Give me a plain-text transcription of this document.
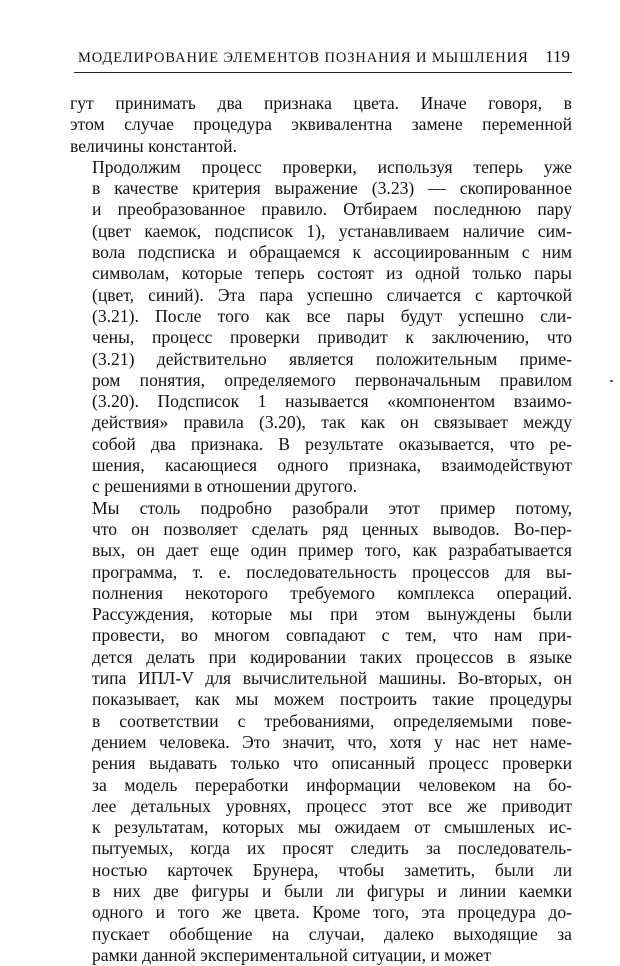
МОДЕЛИРОВАНИЕ ЭЛЕМЕНТОВ ПОЗНАНИЯ И МЫШЛЕНИЯ 119

гут принимать два признака цвета. Иначе говоря, в
этом случае процедура эквивалентна замене переменной
величины константой.

Продолжим процесс проверки, используя теперь уже
в качестве критерия выражение (3.23) — скопированное
и преобразованное правило. Отбираем последнюю пару
(цвет каемок, подсписок 1), устанавливаем наличие сим-
вола подсписка и обращаемся к ассоциированным с ним
символам, которые теперь состоят из одной только пары
(цвет, синий). Эта пара успешно сличается с карточкой
(3.21). После того как все пары будут успешно сли-
чены, процесс проверки приводит к заключению, что
(3.21) действительно является положительным приме-
ром понятия, определяемого первоначальным правилом
(3.20). Подсписок 1 называется «компонентом взаимо-
действия» правила (3.20), так как он связывает между
собой два признака. В результате оказывается, что ре-
шения, касающиеся одного признака, взаимодействуют
с решениями в отношении другого.

Мы столь подробно разобрали этот пример потому,
что он позволяет сделать ряд ценных выводов. Во-пер-
вых, он дает еще один пример того, как разрабатывается
программа, т. е. последовательность процессов для вы-
полнения некоторого требуемого комплекса операций.
Рассуждения, которые мы при этом вынуждены были
провести, во многом совпадают с тем, что нам при-
дется делать при кодировании таких процессов в языке
типа ИПЛ-V для вычислительной машины. Во-вторых, он
показывает, как мы можем построить такие процедуры
в соответствии с требованиями, определяемыми пове-
дением человека. Это значит, что, хотя у нас нет наме-
рения выдавать только что описанный процесс проверки
за модель переработки информации человеком на бо-
лее детальных уровнях, процесс этот все же приводит
к результатам, которых мы ожидаем от смышленых ис-
пытуемых, когда их просят следить за последователь-
ностью карточек Брунера, чтобы заметить, были ли
в них две фигуры и были ли фигуры и линии каемки
одного и того же цвета. Кроме того, эта процедура до-
пускает обобщение на случаи, далеко выходящие за
рамки данной экспериментальной ситуации, и может
